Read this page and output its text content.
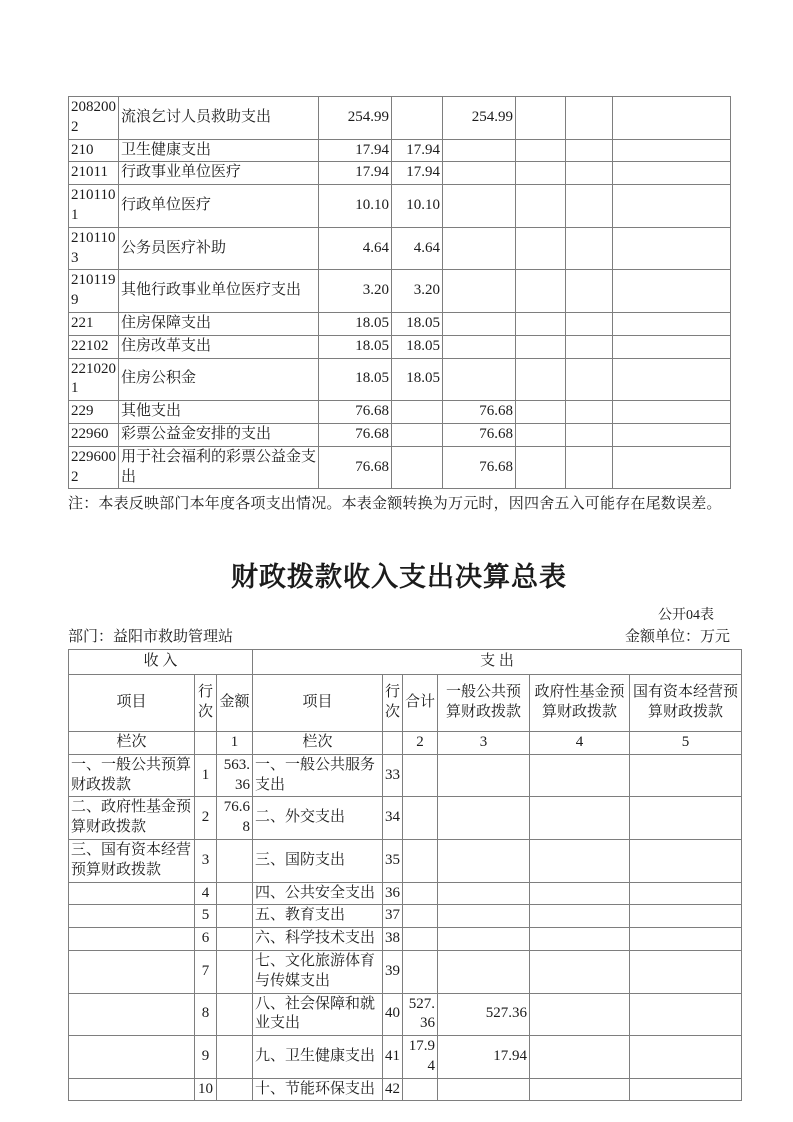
2082002	流浪乞讨人员救助支出	254.99		254.99			
210	卫生健康支出	17.94	17.94				
21011	行政事业单位医疗	17.94	17.94				
2101101	行政单位医疗	10.10	10.10				
2101103	公务员医疗补助	4.64	4.64				
2101199	其他行政事业单位医疗支出	3.20	3.20				
221	住房保障支出	18.05	18.05				
22102	住房改革支出	18.05	18.05				
2210201	住房公积金	18.05	18.05				
229	其他支出	76.68		76.68			
22960	彩票公益金安排的支出	76.68		76.68			
2296002	用于社会福利的彩票公益金支出	76.68		76.68			
注：本表反映部门本年度各项支出情况。本表金额转换为万元时，因四舍五入可能存在尾数误差。
财政拨款收入支出决算总表
公开04表
部门：益阳市救助管理站	金额单位：万元
收 入			支 出					
项目	行次	金额	项目	行次	合计	一般公共预算财政拨款	政府性基金预算财政拨款	国有资本经营预算财政拨款
栏次		1	栏次		2	3	4	5
一、一般公共预算财政拨款	1	563.36	一、一般公共服务支出	33				
二、政府性基金预算财政拨款	2	76.68	二、外交支出	34				
三、国有资本经营预算财政拨款	3		三、国防支出	35				
	4		四、公共安全支出	36				
	5		五、教育支出	37				
	6		六、科学技术支出	38				
	7		七、文化旅游体育与传媒支出	39				
	8		八、社会保障和就业支出	40	527.36	527.36		
	9		九、卫生健康支出	41	17.94	17.94		
	10		十、节能环保支出	42				
